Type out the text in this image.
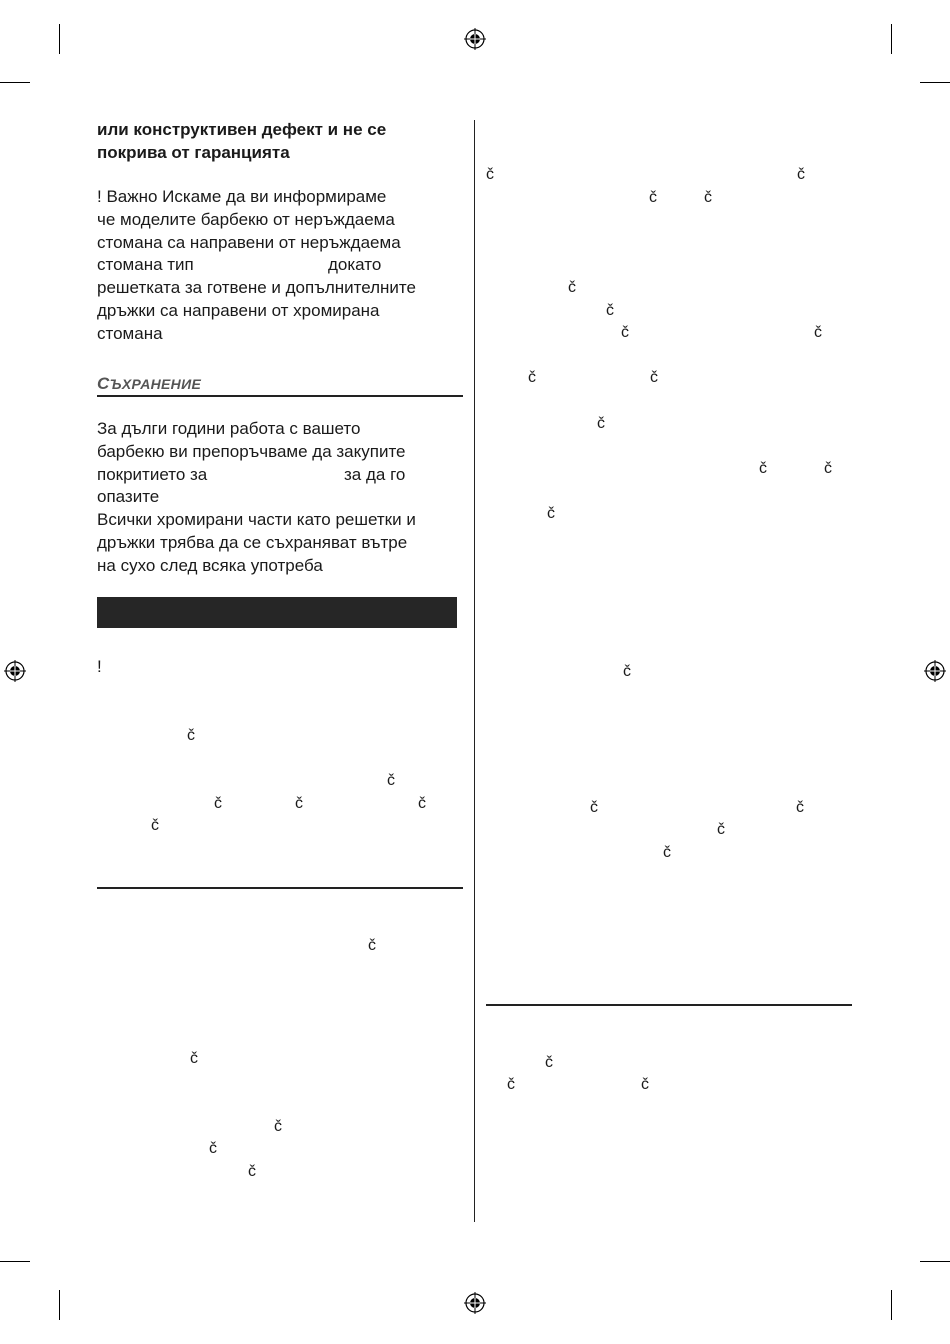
или конструктивен дефект и не се
покрива от гаранцията
! Важно Искаме да ви информираме
че моделите барбекю от неръждаема
стомана са направени от неръждаема
стомана тип	докато
решетката за готвене и допълнителните
дръжки са направени от хромирана
стомана
СЪХРАНЕНИЕ
За дълги години работа с вашето
барбекю ви препоръчваме да закупите
покритието за	за да го
опазите
Всички хромирани части като решетки и
дръжки трябва да се съхраняват вътре
на сухо след всяка употреба
!
č
č
č	č	č
č
č
č
č
č
č
č	č
č	č
č
č
č	č
č	č
č
č	č
č
č
č	č
č
č
č
č	č
